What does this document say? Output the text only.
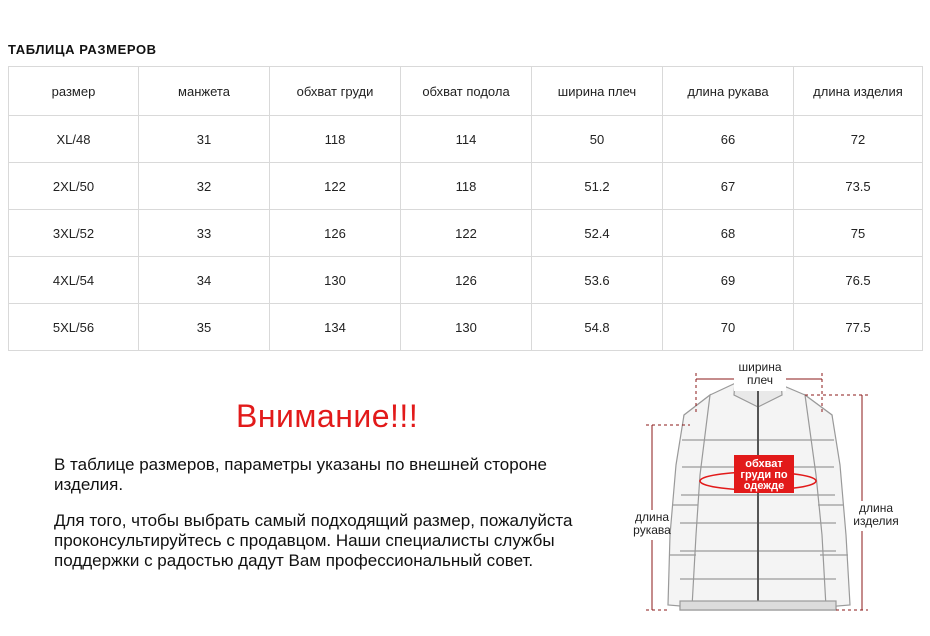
ТАБЛИЦА РАЗМЕРОВ
размер	манжета	обхват груди	обхват подола	ширина плеч	длина рукава	длина изделия
XL/48	31	118	114	50	66	72
2XL/50	32	122	118	51.2	67	73.5
3XL/52	33	126	122	52.4	68	75
4XL/54	34	130	126	53.6	69	76.5
5XL/56	35	134	130	54.8	70	77.5
Внимание!!!
В таблице размеров, параметры указаны по внешней стороне изделия.
Для того, чтобы выбрать самый подходящий размер, пожалуйста проконсультируйтесь с продавцом. Наши специалисты службы поддержки с радостью дадут Вам профессиональный совет.
ширина
плеч
обхват
груди по
одежде
длина
рукава
длина
изделия
